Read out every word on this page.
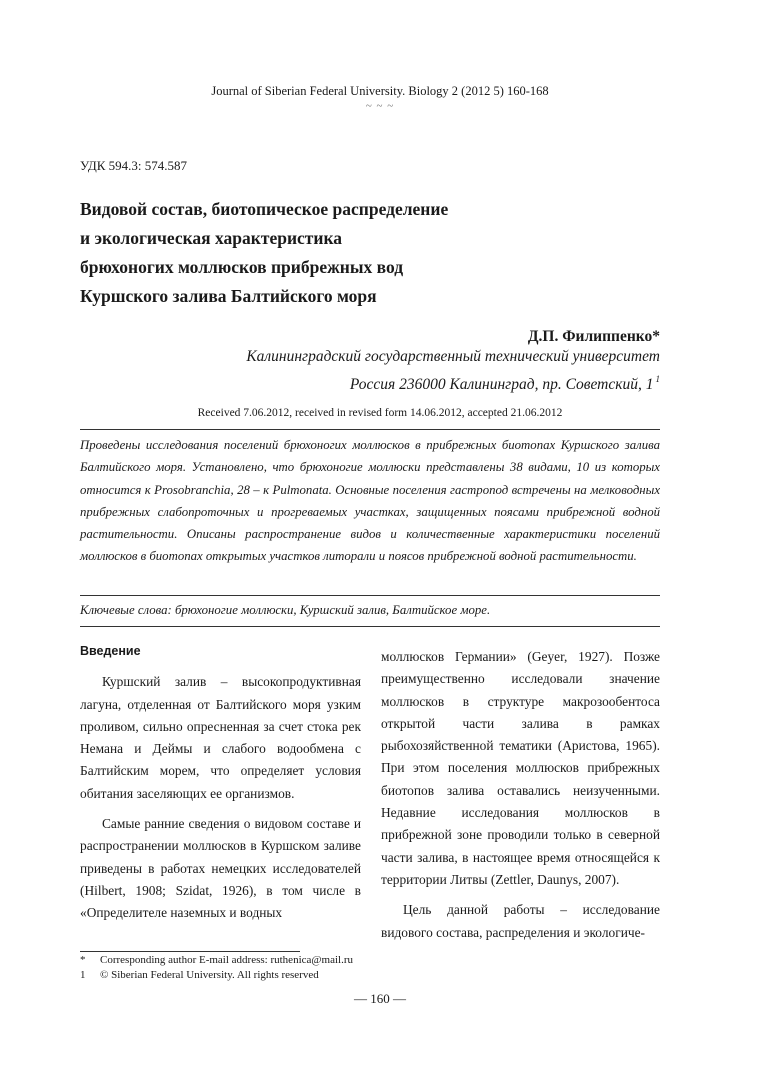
Journal of Siberian Federal University. Biology 2 (2012 5) 160-168
~ ~ ~
УДК 594.3: 574.587
Видовой состав, биотопическое распределение
и экологическая характеристика
брюхоногих моллюсков прибрежных вод
Куршского залива Балтийского моря
Д.П. Филиппенко*
Калининградский государственный технический университет
Россия 236000 Калининград, пр. Советский, 1 $^1$
Received 7.06.2012, received in revised form 14.06.2012, accepted 21.06.2012
Проведены исследования поселений брюхоногих моллюсков в прибрежных биотопах Куршского залива Балтийского моря. Установлено, что брюхоногие моллюски представлены 38 видами, 10 из которых относится к Prosobranchia, 28 – к Pulmonata. Основные поселения гастропод встречены на мелководных прибрежных слабопроточных и прогреваемых участках, защищенных поясами прибрежной водной растительности. Описаны распространение видов и количественные характеристики поселений моллюсков в биотопах открытых участков литорали и поясов прибрежной водной растительности.
Ключевые слова: брюхоногие моллюски, Куршский залив, Балтийское море.

Введение

Куршский залив – высокопродуктивная лагуна, отделенная от Балтийского моря узким проливом, сильно опресненная за счет стока рек Немана и Деймы и слабого водообмена с Балтийским морем, что определяет условия обитания заселяющих ее организмов.

Самые ранние сведения о видовом составе и распространении моллюсков в Куршском заливе приведены в работах немецких исследователей (Hilbert, 1908; Szidat, 1926), в том числе в «Определителе наземных и водных

моллюсков Германии» (Geyer, 1927). Позже преимущественно исследовали значение моллюсков в структуре макрозообентоса открытой части залива в рамках рыбохозяйственной тематики (Аристова, 1965). При этом поселения моллюсков прибрежных биотопов залива оставались неизученными. Недавние исследования моллюсков в прибрежной зоне проводили только в северной части залива, в настоящее время относящейся к территории Литвы (Zettler, Daunys, 2007).

Цель данной работы – исследование видового состава, распределения и экологиче-

* Corresponding author E-mail address: ruthenica@mail.ru
1 © Siberian Federal University. All rights reserved
— 160 —
